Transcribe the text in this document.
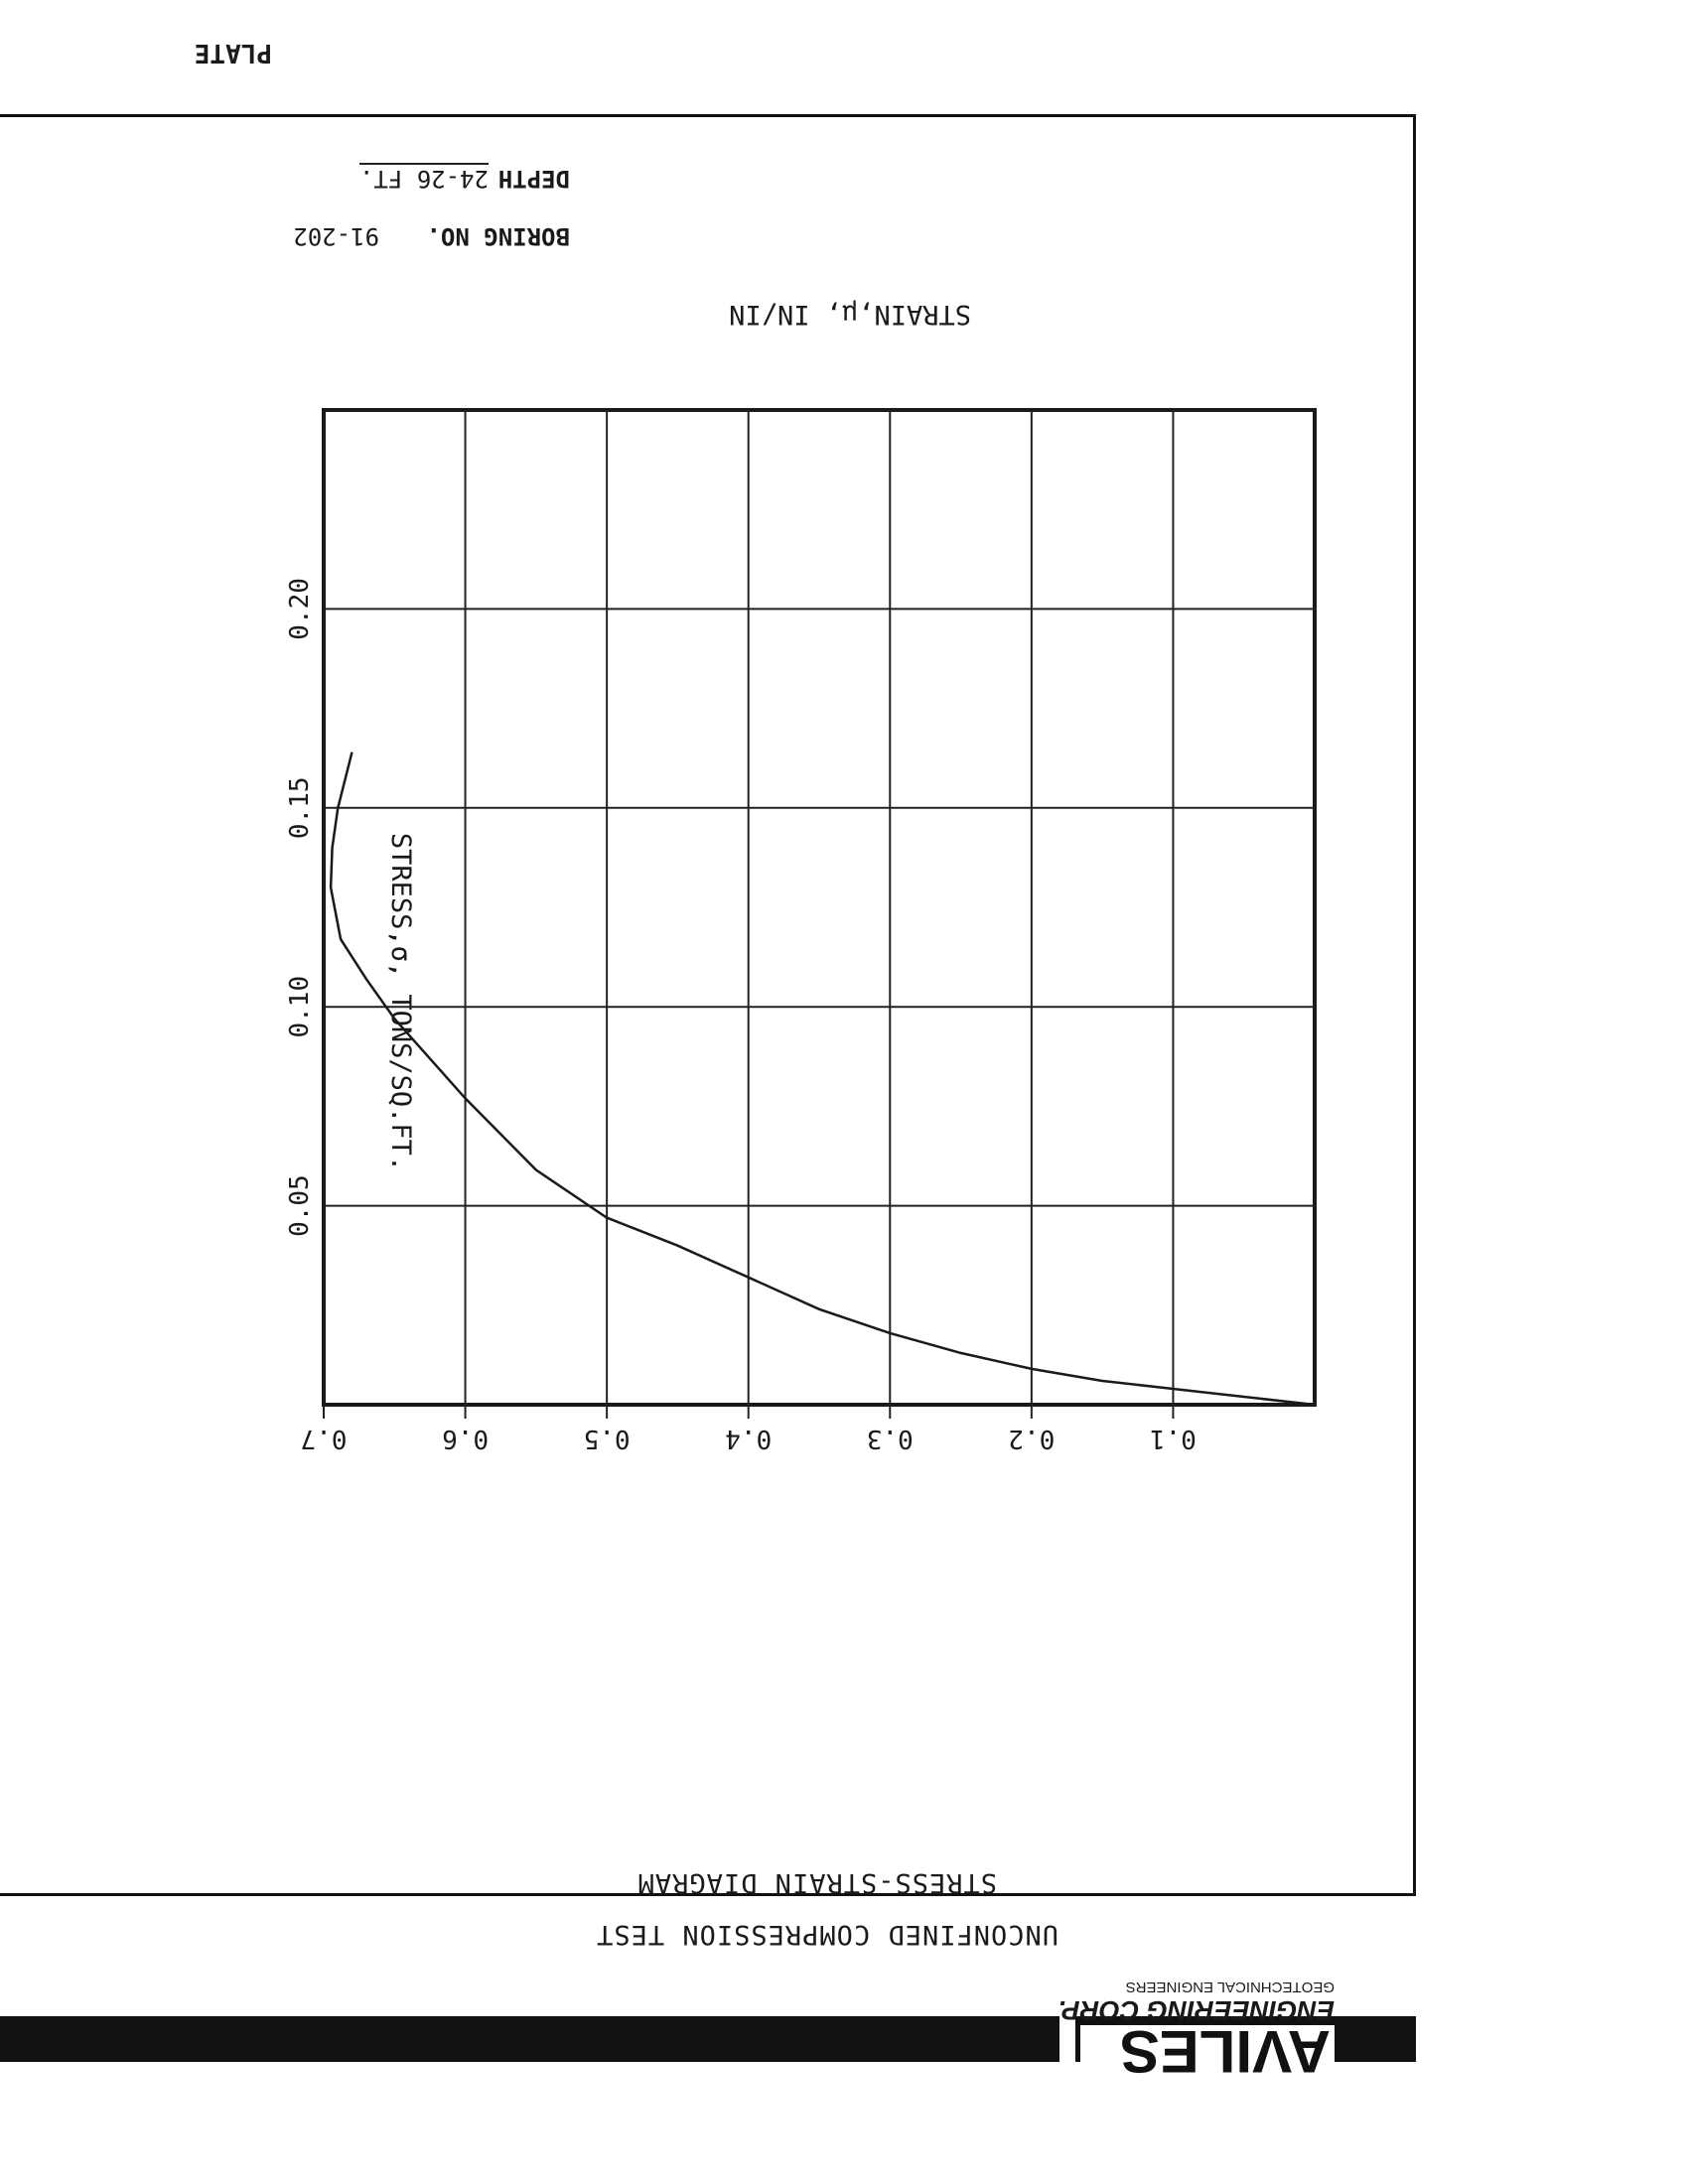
PLATE
BORING NO.
91-202
DEPTH
24-26 FT.
UNCONFINED COMPRESSION TEST
STRESS-STRAIN DIAGRAM
STRAIN,μ, IN/IN
STRESS,σ, TONS/SQ.FT.
AVILES
ENGINEERING CORP.
GEOTECHNICAL ENGINEERS
0.1
0.2
0.3
0.4
0.5
0.6
0.7
0.05
0.10
0.15
0.20
